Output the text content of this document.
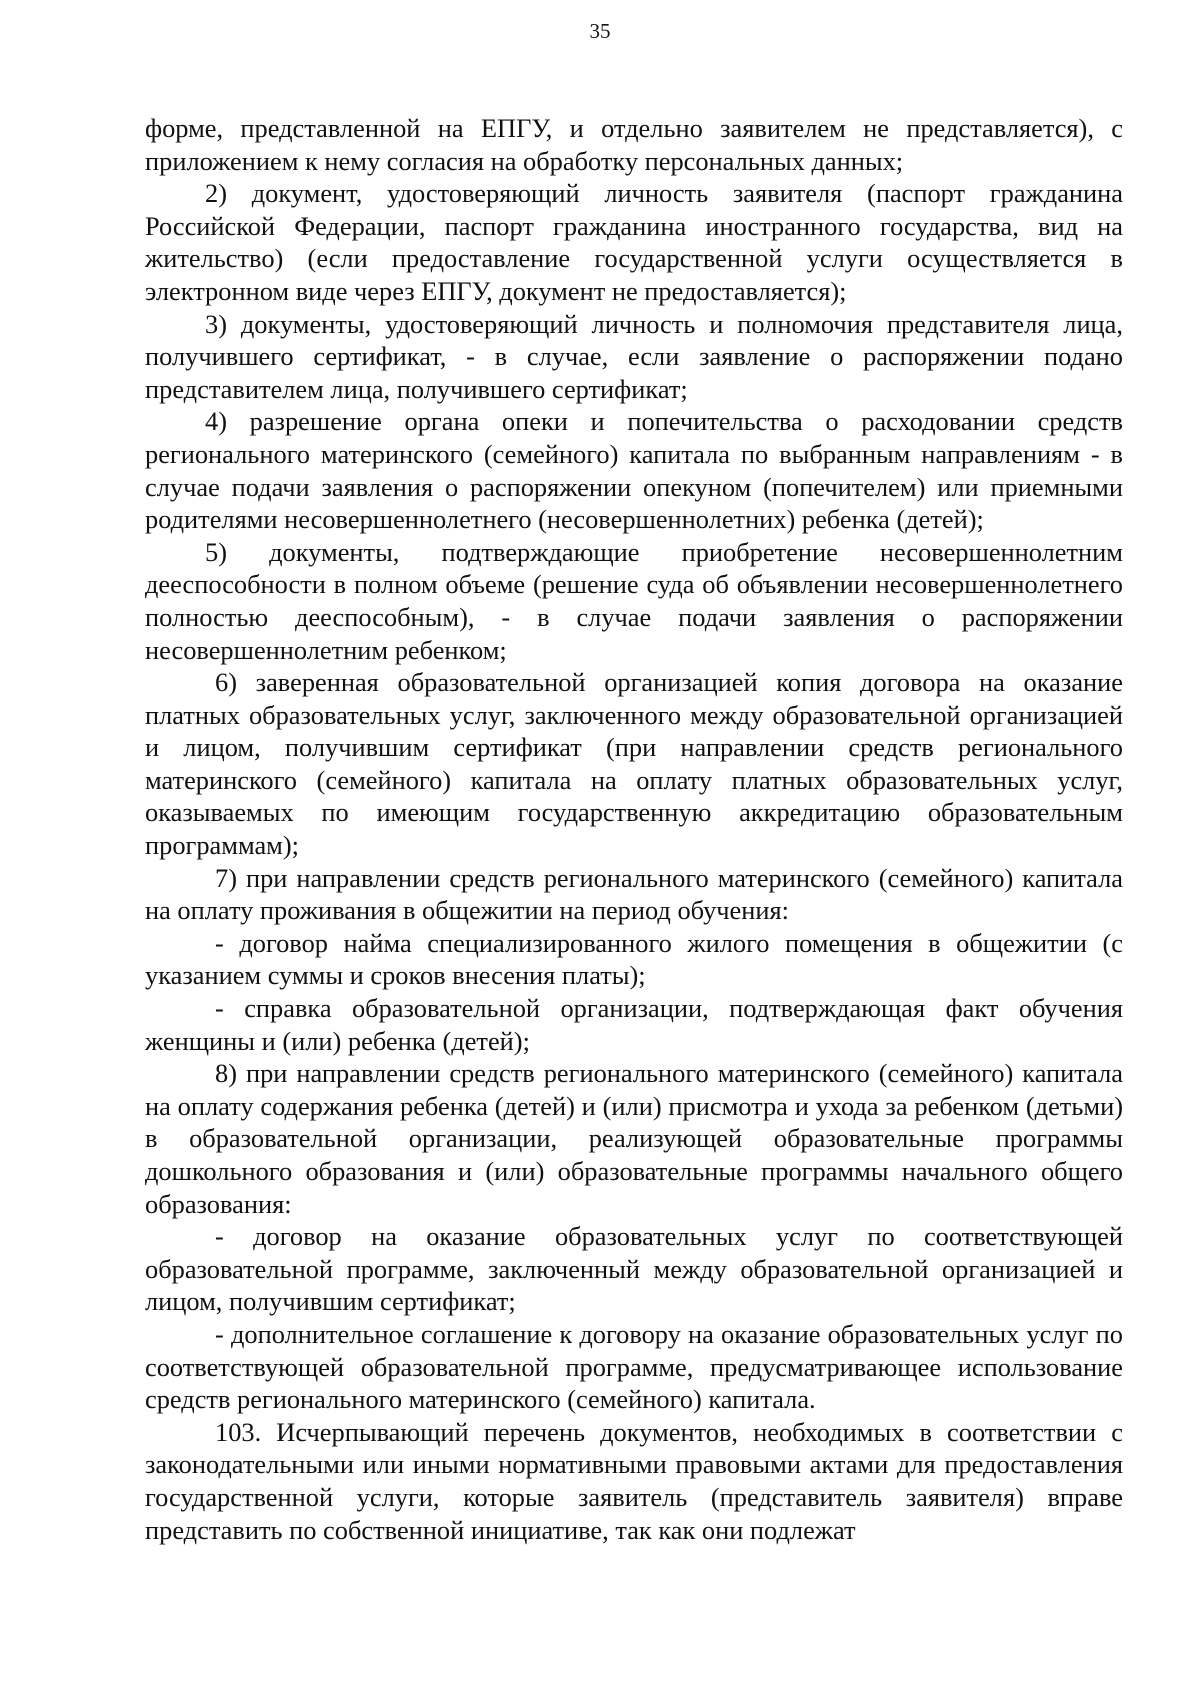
35

форме, представленной на ЕПГУ, и отдельно заявителем не представляется), с приложением к нему согласия на обработку персональных данных;

2) документ, удостоверяющий личность заявителя (паспорт гражданина Российской Федерации, паспорт гражданина иностранного государства, вид на жительство) (если предоставление государственной услуги осуществляется в электронном виде через ЕПГУ, документ не предоставляется);

3) документы, удостоверяющий личность и полномочия представителя лица, получившего сертификат, - в случае, если заявление о распоряжении подано представителем лица, получившего сертификат;

4) разрешение органа опеки и попечительства о расходовании средств регионального материнского (семейного) капитала по выбранным направлениям - в случае подачи заявления о распоряжении опекуном (попечителем) или приемными родителями несовершеннолетнего (несовершеннолетних) ребенка (детей);

5) документы, подтверждающие приобретение несовершеннолетним дееспособности в полном объеме (решение суда об объявлении несовершеннолетнего полностью дееспособным), - в случае подачи заявления о распоряжении несовершеннолетним ребенком;

6) заверенная образовательной организацией копия договора на оказание платных образовательных услуг, заключенного между образовательной организацией и лицом, получившим сертификат (при направлении средств регионального материнского (семейного) капитала на оплату платных образовательных услуг, оказываемых по имеющим государственную аккредитацию образовательным программам);

7) при направлении средств регионального материнского (семейного) капитала на оплату проживания в общежитии на период обучения:

- договор найма специализированного жилого помещения в общежитии (с указанием суммы и сроков внесения платы);

- справка образовательной организации, подтверждающая факт обучения женщины и (или) ребенка (детей);

8) при направлении средств регионального материнского (семейного) капитала на оплату содержания ребенка (детей) и (или) присмотра и ухода за ребенком (детьми) в образовательной организации, реализующей образовательные программы дошкольного образования и (или) образовательные программы начального общего образования:

- договор на оказание образовательных услуг по соответствующей образовательной программе, заключенный между образовательной организацией и лицом, получившим сертификат;

- дополнительное соглашение к договору на оказание образовательных услуг по соответствующей образовательной программе, предусматривающее использование средств регионального материнского (семейного) капитала.

103. Исчерпывающий перечень документов, необходимых в соответствии с законодательными или иными нормативными правовыми актами для предоставления государственной услуги, которые заявитель (представитель заявителя) вправе представить по собственной инициативе, так как они подлежат
